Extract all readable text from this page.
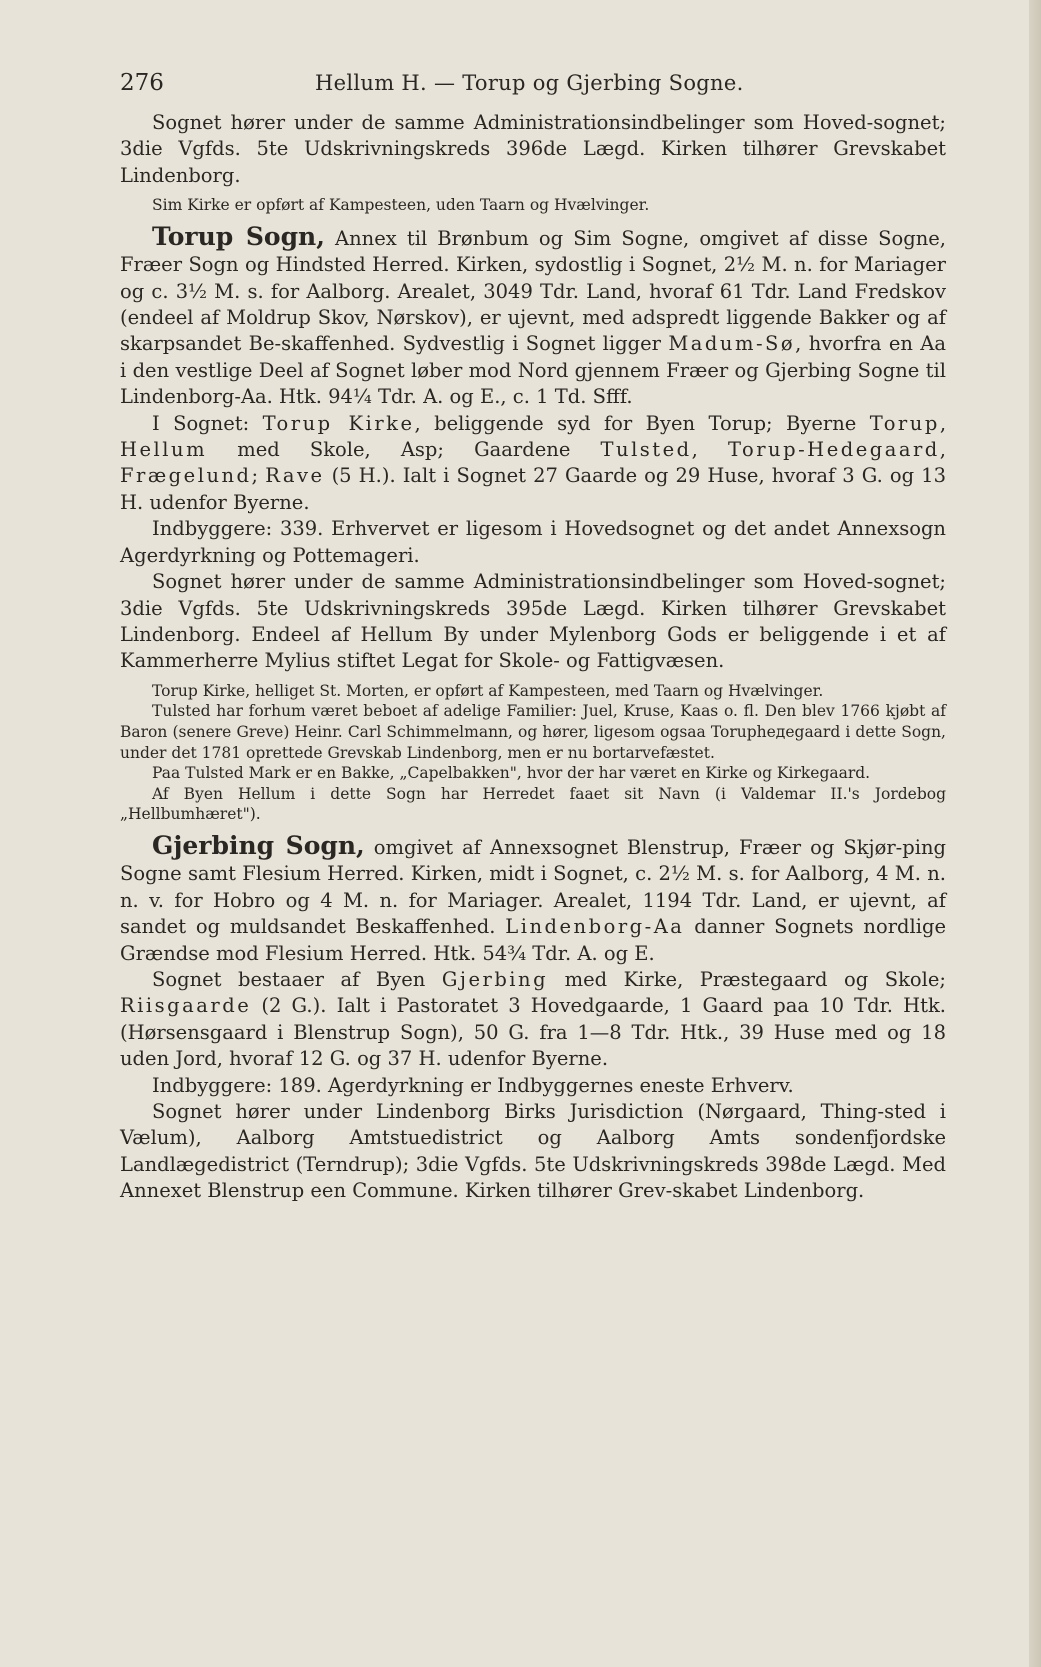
276	Hellum H. — Torup og Gjerbing Sogne.

Sognet hører under de samme Administrationsindbelinger som Hoved-sognet; 3die Vgfds. 5te Udskrivningskreds 396de Lægd. Kirken tilhører Grevskabet Lindenborg.

Sim Kirke er opført af Kampesteen, uden Taarn og Hvælvinger.

Torup Sogn, Annex til Brønbum og Sim Sogne, omgivet af disse Sogne, Fræer Sogn og Hindsted Herred. Kirken, sydostlig i Sognet, 2½ M. n. for Mariager og c. 3½ M. s. for Aalborg. Arealet, 3049 Tdr. Land, hvoraf 61 Tdr. Land Fredskov (endeel af Moldrup Skov, Nørskov), er ujevnt, med adspredt liggende Bakker og af skarpsandet Be-skaffenhed. Sydvestlig i Sognet ligger Madum-Sø, hvorfra en Aa i den vestlige Deel af Sognet løber mod Nord gjennem Fræer og Gjerbing Sogne til Lindenborg-Aa. Htk. 94¼ Tdr. A. og E., c. 1 Td. Sfff.

I Sognet: Torup Kirke, beliggende syd for Byen Torup; Byerne Torup, Hellum med Skole, Asp; Gaardene Tulsted, Torup-Hedegaard, Frægelund; Rave (5 H.). Ialt i Sognet 27 Gaarde og 29 Huse, hvoraf 3 G. og 13 H. udenfor Byerne.

Indbyggere: 339. Erhvervet er ligesom i Hovedsognet og det andet Annexsogn Agerdyrkning og Pottemageri.

Sognet hører under de samme Administrationsindbelinger som Hoved-sognet; 3die Vgfds. 5te Udskrivningskreds 395de Lægd. Kirken tilhører Grevskabet Lindenborg. Endeel af Hellum By under Mylenborg Gods er beliggende i et af Kammerherre Mylius stiftet Legat for Skole- og Fattigvæsen.

Torup Kirke, helliget St. Morten, er opført af Kampesteen, med Taarn og Hvælvinger.

Tulsted har forhum været beboet af adelige Familier: Juel, Kruse, Kaas o. fl. Den blev 1766 kjøbt af Baron (senere Greve) Heinr. Carl Schimmelmann, og hører, ligesom ogsaa Torupheдegaard i dette Sogn, under det 1781 oprettede Grevskab Lindenborg, men er nu bortarvefæstet.

Paa Tulsted Mark er en Bakke, „Capelbakken", hvor der har været en Kirke og Kirkegaard.

Af Byen Hellum i dette Sogn har Herredet faaet sit Navn (i Valdemar II.'s Jordebog „Hellbumhæret").

Gjerbing Sogn, omgivet af Annexsognet Blenstrup, Fræer og Skjør-ping Sogne samt Flesium Herred. Kirken, midt i Sognet, c. 2½ M. s. for Aalborg, 4 M. n. n. v. for Hobro og 4 M. n. for Mariager. Arealet, 1194 Tdr. Land, er ujevnt, af sandet og muldsandet Beskaffenhed. Lindenborg-Aa danner Sognets nordlige Grændse mod Flesium Herred. Htk. 54¾ Tdr. A. og E.

Sognet bestaaer af Byen Gjerbing med Kirke, Præstegaard og Skole; Riisgaarde (2 G.). Ialt i Pastoratet 3 Hovedgaarde, 1 Gaard paa 10 Tdr. Htk. (Hørsensgaard i Blenstrup Sogn), 50 G. fra 1—8 Tdr. Htk., 39 Huse med og 18 uden Jord, hvoraf 12 G. og 37 H. udenfor Byerne.

Indbyggere: 189. Agerdyrkning er Indbyggernes eneste Erhverv.

Sognet hører under Lindenborg Birks Jurisdiction (Nørgaard, Thing-sted i Vælum), Aalborg Amtstuedistrict og Aalborg Amts sondenfjordske Landlægedistrict (Terndrup); 3die Vgfds. 5te Udskrivningskreds 398de Lægd. Med Annexet Blenstrup een Commune. Kirken tilhører Grev-skabet Lindenborg.
